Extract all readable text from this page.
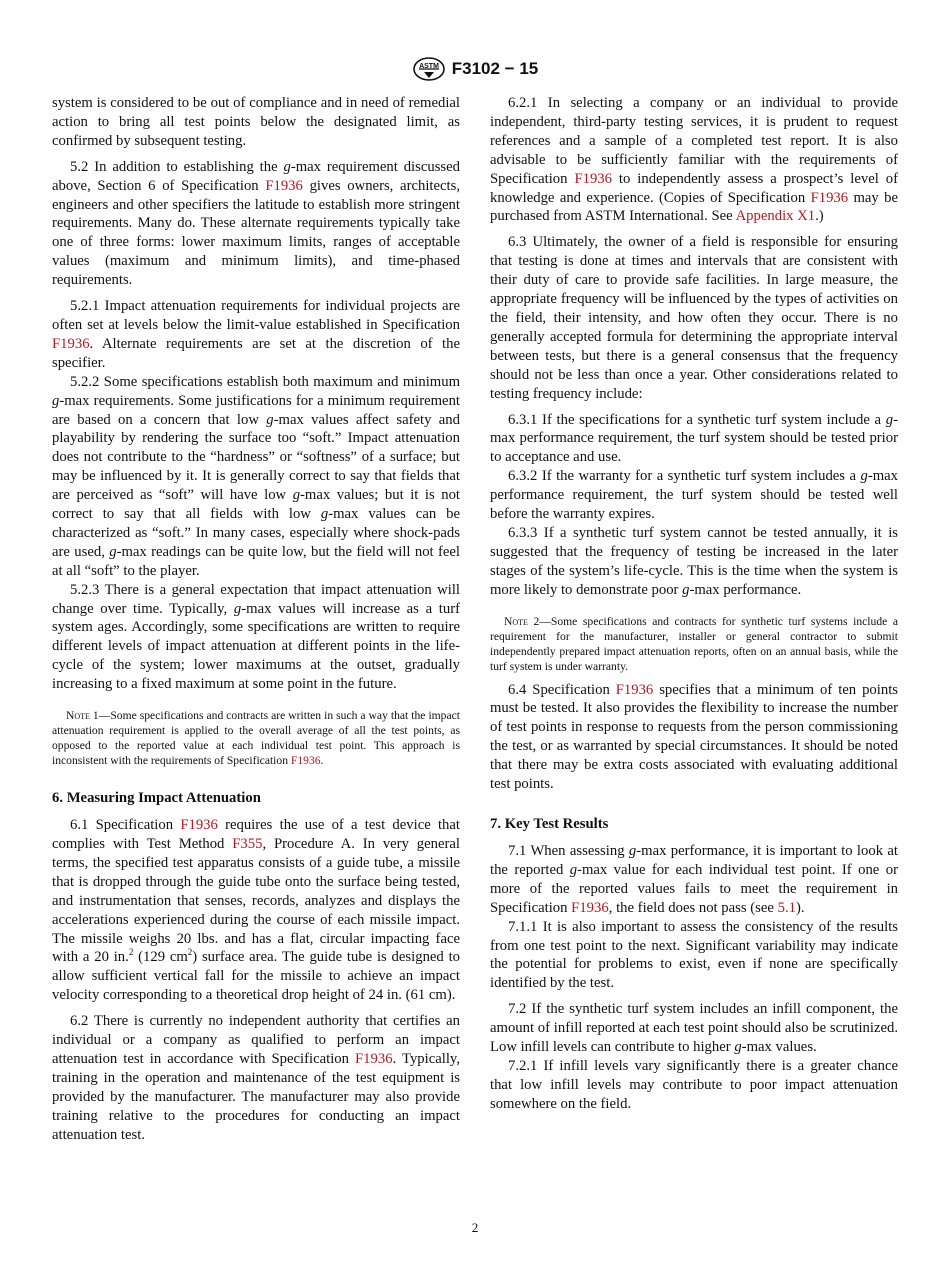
ASTM F3102 − 15

system is considered to be out of compliance and in need of remedial action to bring all test points below the designated limit, as confirmed by subsequent testing.

5.2 In addition to establishing the g-max requirement discussed above, Section 6 of Specification F1936 gives owners, architects, engineers and other specifiers the latitude to establish more stringent requirements. Many do. These alternate requirements typically take one of three forms: lower maximum limits, ranges of acceptable values (maximum and minimum limits), and time-phased requirements.

5.2.1 Impact attenuation requirements for individual projects are often set at levels below the limit-value established in Specification F1936. Alternate requirements are set at the discretion of the specifier.

5.2.2 Some specifications establish both maximum and minimum g-max requirements. Some justifications for a minimum requirement are based on a concern that low g-max values affect safety and playability by rendering the surface too “soft.” Impact attenuation does not contribute to the “hardness” or “softness” of a surface; but may be influenced by it. It is generally correct to say that fields that are perceived as “soft” will have low g-max values; but it is not correct to say that all fields with low g-max values can be characterized as “soft.” In many cases, especially where shock-pads are used, g-max readings can be quite low, but the field will not feel at all “soft” to the player.

5.2.3 There is a general expectation that impact attenuation will change over time. Typically, g-max values will increase as a turf system ages. Accordingly, some specifications are written to require different levels of impact attenuation at different points in the life-cycle of the system; lower maximums at the outset, gradually increasing to a fixed maximum at some point in the future.

Note 1—Some specifications and contracts are written in such a way that the impact attenuation requirement is applied to the overall average of all the test points, as opposed to the reported value at each individual test point. This approach is inconsistent with the requirements of Specification F1936.

6. Measuring Impact Attenuation

6.1 Specification F1936 requires the use of a test device that complies with Test Method F355, Procedure A. In very general terms, the specified test apparatus consists of a guide tube, a missile that is dropped through the guide tube onto the surface being tested, and instrumentation that senses, records, analyzes and displays the accelerations experienced during the course of each missile impact. The missile weighs 20 lbs. and has a flat, circular impacting face with a 20 in.$^2$ (129 $cm^2$) surface area. The guide tube is designed to allow sufficient vertical fall for the missile to achieve an impact velocity corresponding to a theoretical drop height of 24 in. (61 cm).

6.2 There is currently no independent authority that certifies an individual or a company as qualified to perform an impact attenuation test in accordance with Specification F1936. Typically, training in the operation and maintenance of the test equipment is provided by the manufacturer. The manufacturer may also provide training relative to the procedures for conducting an impact attenuation test.

6.2.1 In selecting a company or an individual to provide independent, third-party testing services, it is prudent to request references and a sample of a completed test report. It is also advisable to be sufficiently familiar with the requirements of Specification F1936 to independently assess a prospect’s level of knowledge and experience. (Copies of Specification F1936 may be purchased from ASTM International. See Appendix X1.)

6.3 Ultimately, the owner of a field is responsible for ensuring that testing is done at times and intervals that are consistent with their duty of care to provide safe facilities. In large measure, the appropriate frequency will be influenced by the types of activities on the field, their intensity, and how often they occur. There is no generally accepted formula for determining the appropriate interval between tests, but there is a general consensus that the frequency should not be less than once a year. Other considerations related to testing frequency include:

6.3.1 If the specifications for a synthetic turf system include a g-max performance requirement, the turf system should be tested prior to acceptance and use.

6.3.2 If the warranty for a synthetic turf system includes a g-max performance requirement, the turf system should be tested well before the warranty expires.

6.3.3 If a synthetic turf system cannot be tested annually, it is suggested that the frequency of testing be increased in the later stages of the system’s life-cycle. This is the time when the system is more likely to demonstrate poor g-max performance.

Note 2—Some specifications and contracts for synthetic turf systems include a requirement for the manufacturer, installer or general contractor to submit independently prepared impact attenuation reports, often on an annual basis, while the turf system is under warranty.

6.4 Specification F1936 specifies that a minimum of ten points must be tested. It also provides the flexibility to increase the number of test points in response to requests from the person commissioning the test, or as warranted by special circumstances. It should be noted that there may be extra costs associated with evaluating additional test points.

7. Key Test Results

7.1 When assessing g-max performance, it is important to look at the reported g-max value for each individual test point. If one or more of the reported values fails to meet the requirement in Specification F1936, the field does not pass (see 5.1).

7.1.1 It is also important to assess the consistency of the results from one test point to the next. Significant variability may indicate the potential for problems to exist, even if none are specifically identified by the test.

7.2 If the synthetic turf system includes an infill component, the amount of infill reported at each test point should also be scrutinized. Low infill levels can contribute to higher g-max values.

7.2.1 If infill levels vary significantly there is a greater chance that low infill levels may contribute to poor impact attenuation somewhere on the field.

2
